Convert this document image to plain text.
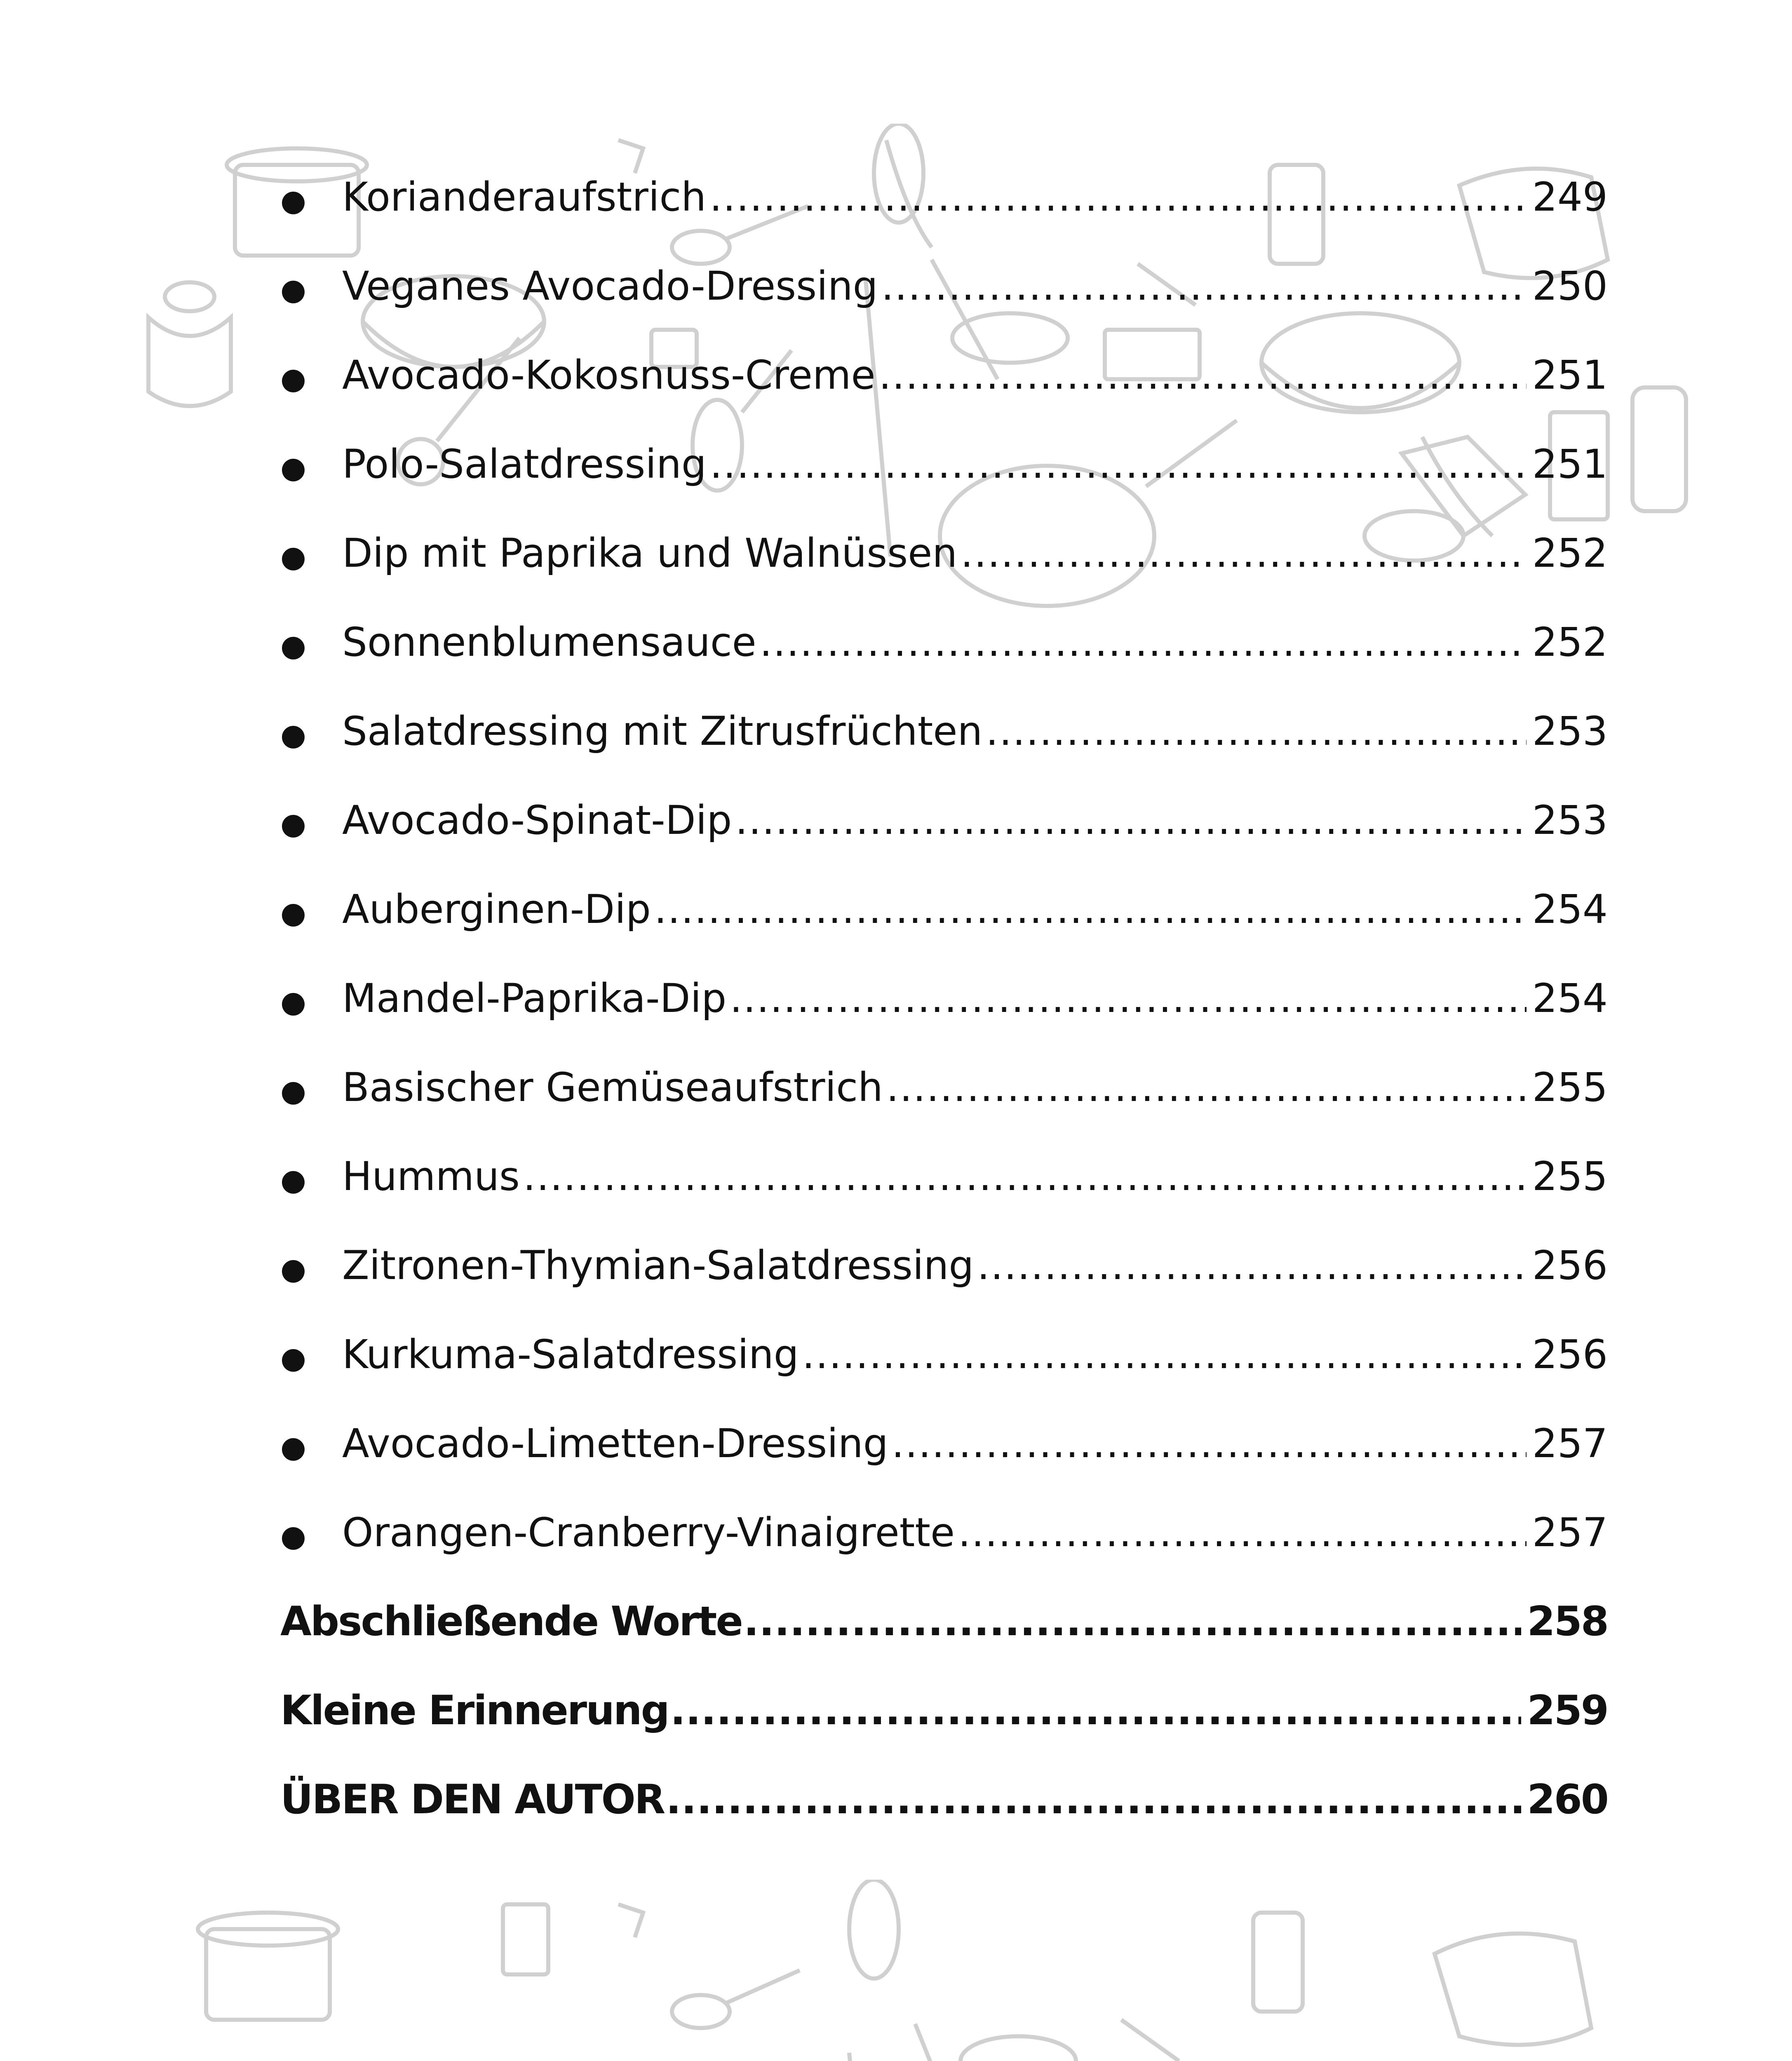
● Korianderaufstrich .....	249
● Veganes Avocado-Dressing .....	250
● Avocado-Kokosnuss-Creme .....	251
● Polo-Salatdressing .....	251
● Dip mit Paprika und Walnüssen .....	252
● Sonnenblumensauce .....	252
● Salatdressing mit Zitrusfrüchten .....	253
● Avocado-Spinat-Dip .....	253
● Auberginen-Dip .....	254
● Mandel-Paprika-Dip .....	254
● Basischer Gemüseaufstrich .....	255
● Hummus .....	255
● Zitronen-Thymian-Salatdressing .....	256
● Kurkuma-Salatdressing .....	256
● Avocado-Limetten-Dressing .....	257
● Orangen-Cranberry-Vinaigrette .....	257
Abschließende Worte .....	258
Kleine Erinnerung .....	259
ÜBER DEN AUTOR .....	260
